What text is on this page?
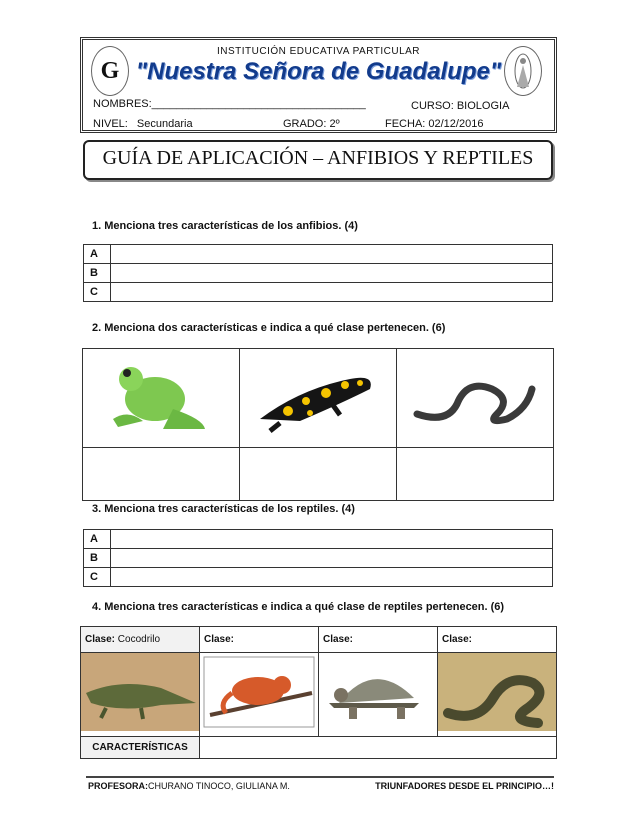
G
INSTITUCIÓN EDUCATIVA PARTICULAR
"Nuestra Señora de Guadalupe"
NOMBRES:___________________________________	CURSO: BIOLOGIA
NIVEL: Secundaria	GRADO: 2º	FECHA: 02/12/2016
GUÍA DE APLICACIÓN – ANFIBIOS Y REPTILES
1. Menciona tres características de los anfibios. (4)
A	
B	
C	
2. Menciona dos características e indica a qué clase pertenecen. (6)

3. Menciona tres características de los reptiles. (4)
A	
B	
C	
4. Menciona tres características e indica a qué clase de reptiles pertenecen. (6)
Clase: Cocodrilo	Clase:	Clase:	Clase:

CARACTERÍSTICAS			
PROFESORA:CHURANO TINOCO, GIULIANA M.	TRIUNFADORES DESDE EL PRINCIPIO…!
